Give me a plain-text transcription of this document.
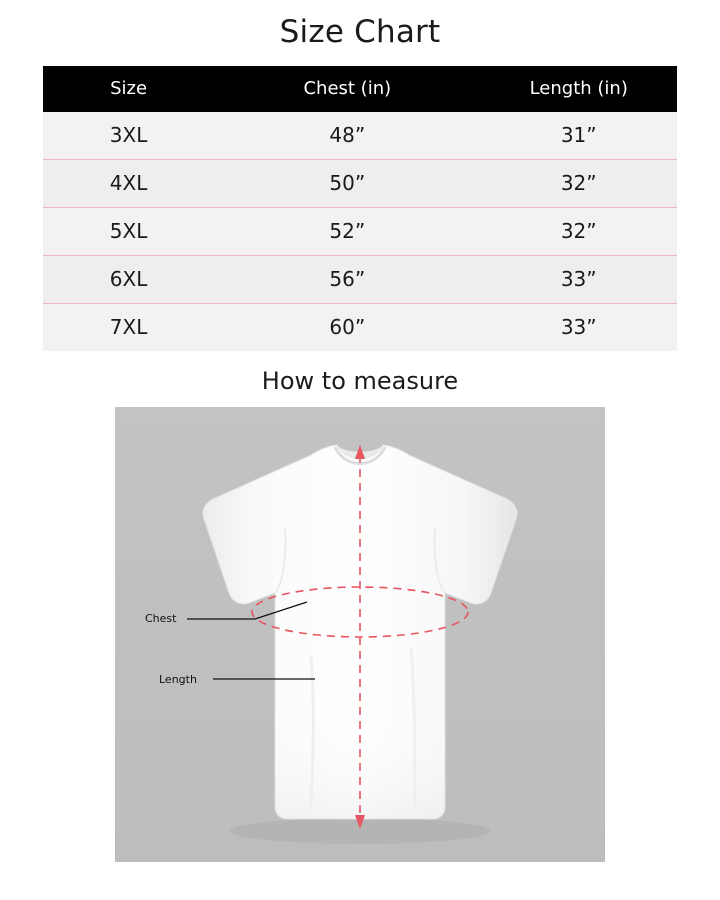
Size Chart
Size	Chest (in)	Length (in)
3XL	48”	31”
4XL	50”	32”
5XL	52”	32”
6XL	56”	33”
7XL	60”	33”
How to measure
Chest
Length
